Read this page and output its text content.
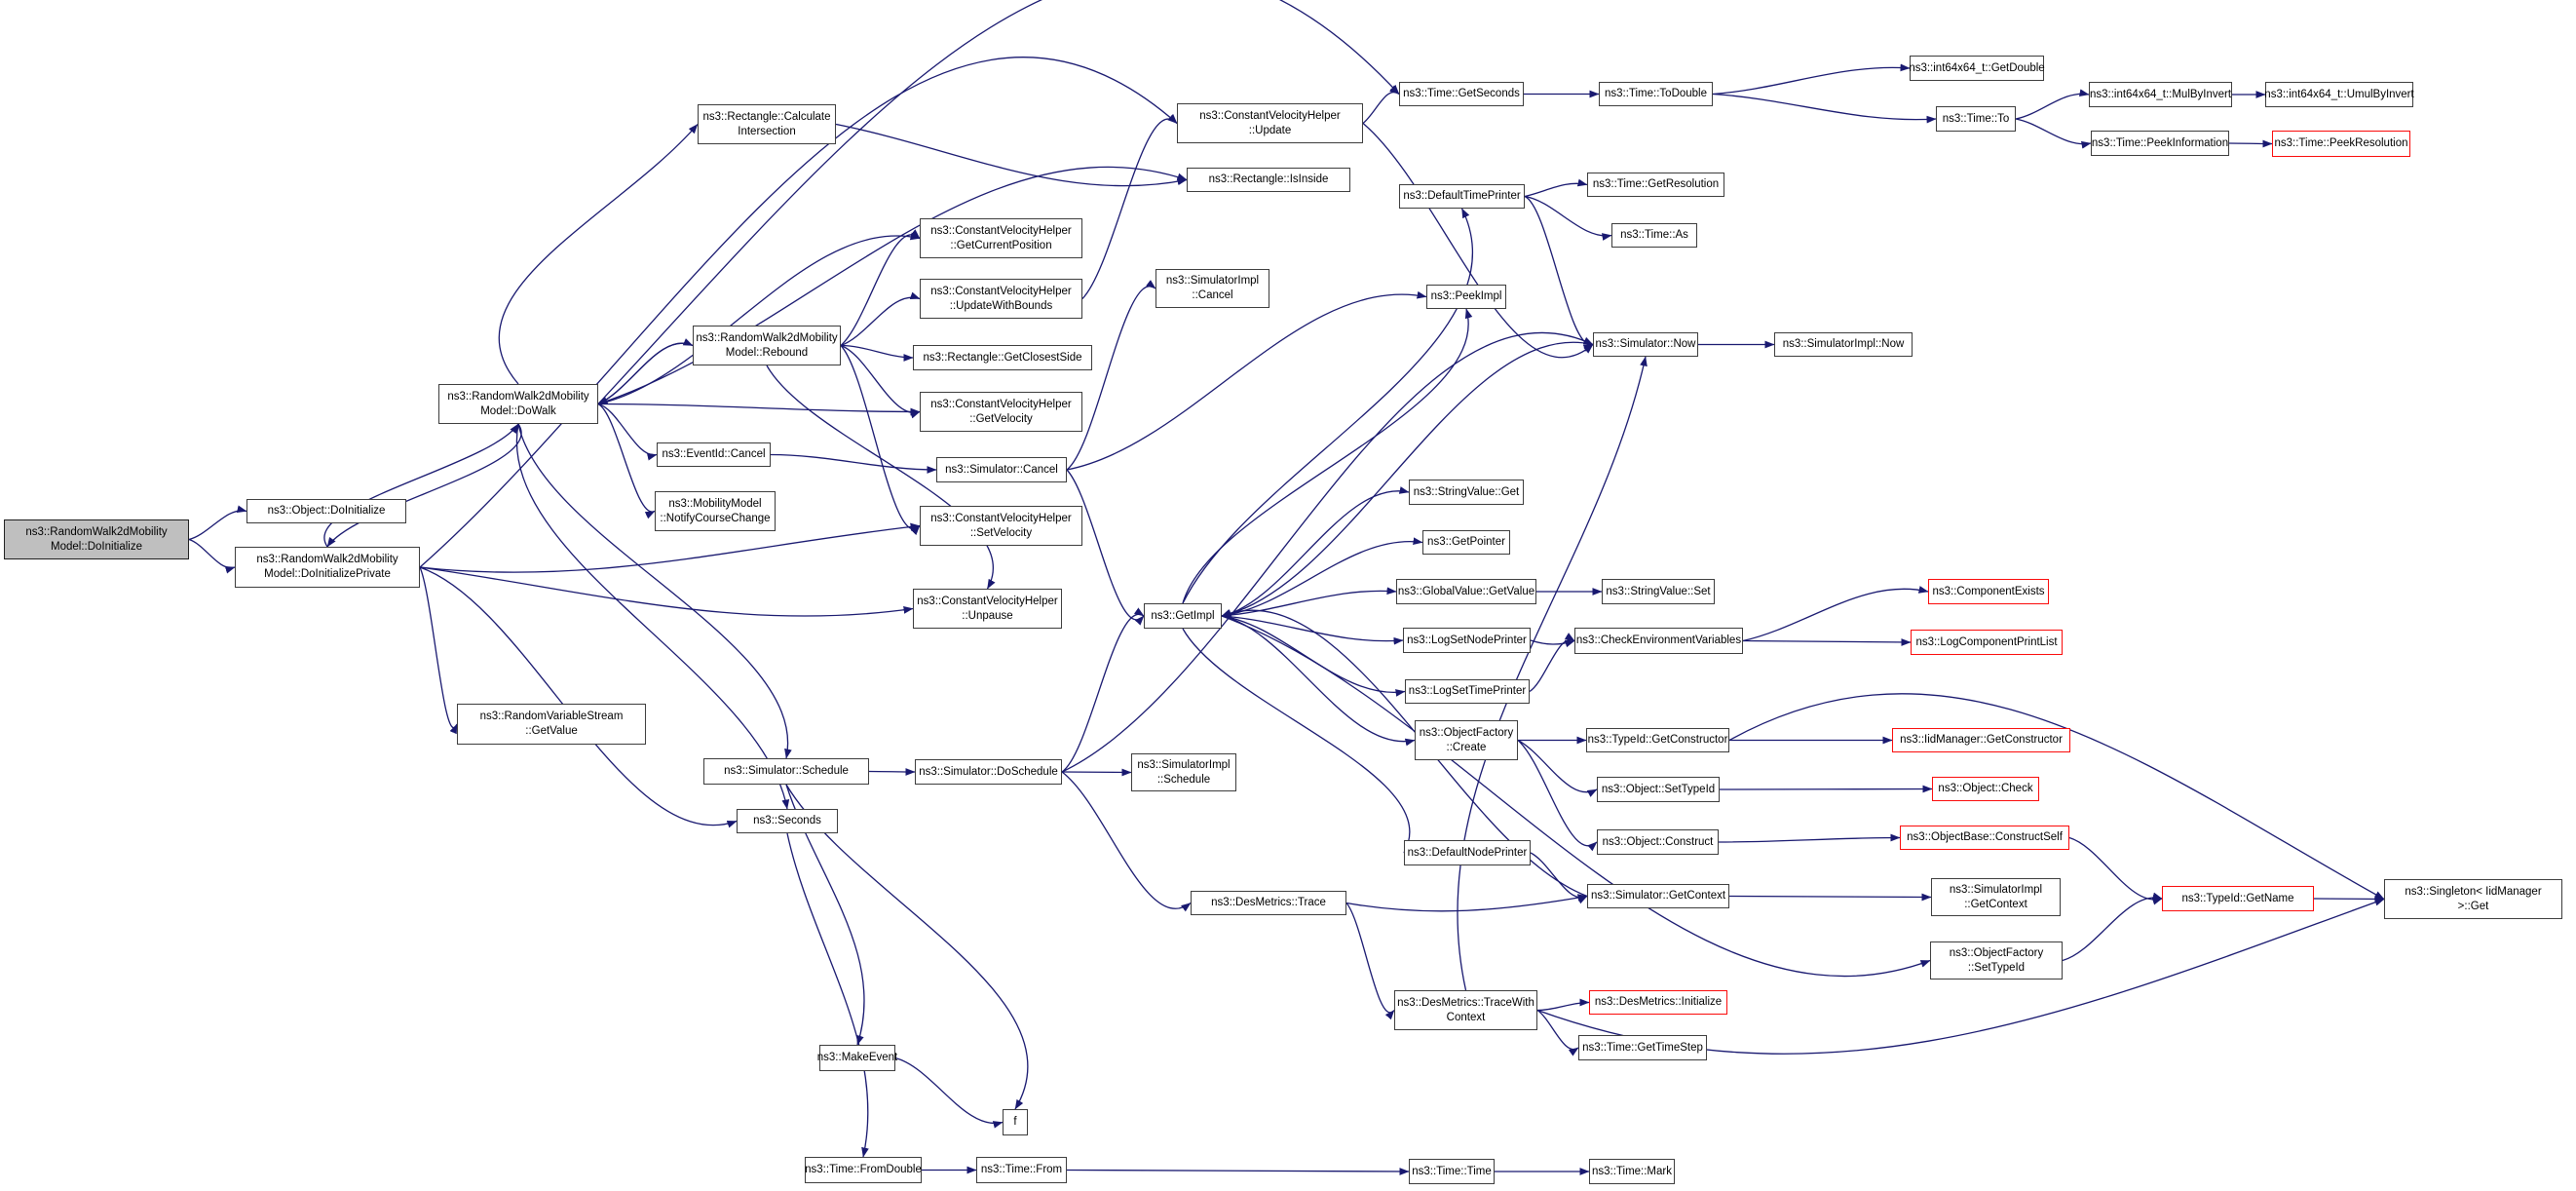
ns3::RandomWalk2dMobility
Model::DoInitialize
ns3::Object::DoInitialize
ns3::RandomWalk2dMobility
Model::DoInitializePrivate
ns3::Rectangle::Calculate
Intersection
ns3::RandomWalk2dMobility
Model::DoWalk
ns3::RandomWalk2dMobility
Model::Rebound
ns3::ConstantVelocityHelper
::GetCurrentPosition
ns3::ConstantVelocityHelper
::UpdateWithBounds
ns3::Rectangle::GetClosestSide
ns3::ConstantVelocityHelper
::GetVelocity
ns3::EventId::Cancel
ns3::Simulator::Cancel
ns3::MobilityModel
::NotifyCourseChange	ns3::ConstantVelocityHelper
::SetVelocity
ns3::ConstantVelocityHelper
::Unpause
ns3::ConstantVelocityHelper
::Update
ns3::Rectangle::IsInside
ns3::SimulatorImpl
::Cancel
ns3::Time::GetSeconds	ns3::Time::ToDouble
ns3::DefaultTimePrinter
ns3::Time::GetResolution
ns3::Time::As
ns3::PeekImpl
ns3::Simulator::Now	ns3::SimulatorImpl::Now
ns3::int64x64_t::GetDouble
ns3::Time::To
ns3::int64x64_t::MulByInvert	ns3::int64x64_t::UmulByInvert
ns3::Time::PeekInformation	ns3::Time::PeekResolution
ns3::StringValue::Get
ns3::GetPointer
ns3::GetImpl
ns3::GlobalValue::GetValue	ns3::StringValue::Set	ns3::ComponentExists
ns3::LogSetNodePrinter	ns3::CheckEnvironmentVariables	ns3::LogComponentPrintList
ns3::LogSetTimePrinter
ns3::ObjectFactory
::Create
ns3::TypeId::GetConstructor	ns3::IidManager::GetConstructor
ns3::Object::SetTypeId	ns3::Object::Check
ns3::Object::Construct	ns3::ObjectBase::ConstructSelf
ns3::DefaultNodePrinter
ns3::Simulator::GetContext
ns3::SimulatorImpl
::GetContext
ns3::ObjectFactory
::SetTypeId
ns3::TypeId::GetName
ns3::Singleton< IidManager
>::Get
ns3::DesMetrics::Trace
ns3::DesMetrics::TraceWith
Context
ns3::DesMetrics::Initialize
ns3::Time::GetTimeStep
ns3::RandomVariableStream
::GetValue
ns3::Simulator::Schedule
ns3::Seconds
ns3::Simulator::DoSchedule
ns3::SimulatorImpl
::Schedule
ns3::MakeEvent
f
ns3::Time::FromDouble	ns3::Time::From	ns3::Time::Time	ns3::Time::Mark
